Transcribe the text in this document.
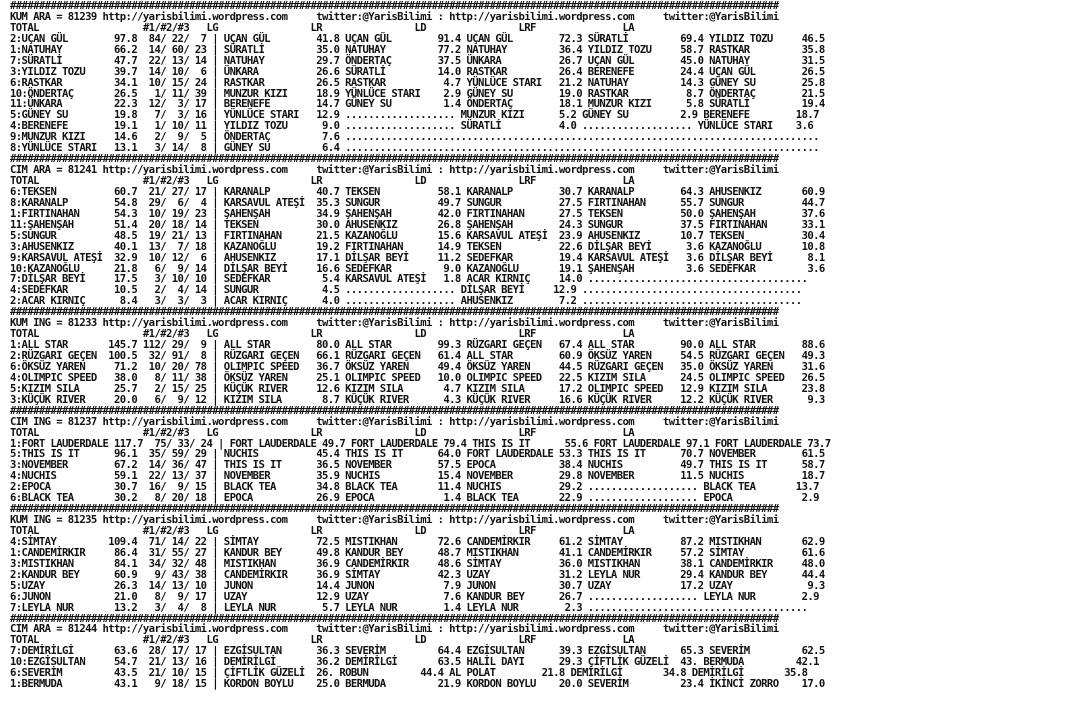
#####################################################################################################################################
KUM ARA = 81239 http://yarisbilimi.wordpress.com     twitter:@YarisBilimi : http://yarisbilimi.wordpress.com     twitter:@YarisBilimi
TOTAL                  #1/#2/#3   LG                LR                LD                LRF               LA
2:UÇAN GÜL        97.8  84/ 22/  7 | UÇAN GÜL        41.8 UÇAN GÜL        91.4 UÇAN GÜL        72.3 SÜRATLİ         69.4 YILDIZ TOZU     46.5
1:NATUHAY         66.2  14/ 60/ 23 | SÜRATLİ         35.0 NATUHAY         77.2 NATUHAY         36.4 YILDIZ TOZU     58.7 RASTKAR         35.8
7:SÜRATLİ         47.7  22/ 13/ 14 | NATUHAY         29.7 ÖNDERTAÇ        37.5 ÜNKARA          26.7 UÇAN GÜL        45.0 NATUHAY         31.5
3:YILDIZ TOZU     39.7  14/ 10/  6 | ÜNKARA          26.6 SÜRATLİ         14.0 RASTKAR         26.4 BERENEFE        24.4 UÇAN GÜL        26.5
6:RASTKAR         34.1  10/ 15/ 24 | RASTKAR         26.5 RASTKAR          4.7 YÜNLÜCE STARI   21.2 NATUHAY         14.3 GÜNEY SU        25.8
10:ÖNDERTAÇ       26.5   1/ 11/ 39 | MUNZUR KIZI     18.9 YÜNLÜCE STARI    2.9 GÜNEY SU        19.0 RASTKAR          8.7 ÖNDERTAÇ        21.5
11:ÜNKARA         22.3  12/  3/ 17 | BERENEFE        14.7 GÜNEY SU         1.4 ÖNDERTAÇ        18.1 MUNZUR KIZI      5.8 SÜRATLİ         19.4
5:GÜNEY SU        19.8   7/  3/ 16 | YÜNLÜCE STARI   12.9 ................... MUNZUR KIZI      5.2 GÜNEY SU         2.9 BERENEFE        18.7
4:BERENEFE        19.1   1/ 10/ 11 | YILDIZ TOZU      9.0 ................... SÜRATLİ          4.0 ................... YÜNLÜCE STARI    3.6
9:MUNZUR KIZI     14.6   2/  9/  5 | ÖNDERTAÇ         7.6 ..................................................................................
8:YÜNLÜCE STARI   13.1   3/ 14/  8 | GÜNEY SU         6.4 ..................................................................................
#####################################################################################################################################
CIM ARA = 81241 http://yarisbilimi.wordpress.com     twitter:@YarisBilimi : http://yarisbilimi.wordpress.com     twitter:@YarisBilimi
TOTAL                  #1/#2/#3   LG                LR                LD                LRF               LA
6:TEKSEN          60.7  21/ 27/ 17 | KARANALP        40.7 TEKSEN          58.1 KARANALP        30.7 KARANALP        64.3 AHUSENKIZ       60.9
8:KARANALP        54.8  29/  6/  4 | KARSAVUL ATEŞİ  35.3 SUNGUR          49.7 SUNGUR          27.5 FIRTINAHAN      55.7 SUNGUR          44.7
1:FIRTINAHAN      54.3  10/ 19/ 23 | ŞAHENŞAH        34.9 ŞAHENŞAH        42.0 FIRTINAHAN      27.5 TEKSEN          50.0 ŞAHENŞAH        37.6
11:ŞAHENŞAH       51.4  20/ 18/ 14 | TEKSEN          30.0 AHUSENKIZ       26.8 ŞAHENŞAH        24.3 SUNGUR          37.5 FIRTINAHAN      33.1
5:SUNGUR          48.5  19/ 21/ 13 | FIRTINAHAN      21.5 KAZANOĞLU       15.6 KARSAVUL ATEŞİ  23.9 AHUSENKIZ       10.7 TEKSEN          30.4
3:AHUSENKIZ       40.1  13/  7/ 18 | KAZANOĞLU       19.2 FIRTINAHAN      14.9 TEKSEN          22.6 DİLŞAR BEYİ      3.6 KAZANOĞLU       10.8
9:KARSAVUL ATEŞİ  32.9  10/ 12/  6 | AHUSENKIZ       17.1 DİLŞAR BEYİ     11.2 SEDEFKAR        19.4 KARSAVUL ATEŞİ   3.6 DİLŞAR BEYİ      8.1
10:KAZANOĞLU      21.8   6/  9/ 14 | DİLŞAR BEYİ     16.6 SEDEFKAR         9.0 KAZANOĞLU       19.1 ŞAHENŞAH         3.6 SEDEFKAR         3.6
7:DİLŞAR BEYİ     17.5   3/ 10/ 10 | SEDEFKAR         5.4 KARSAVUL ATEŞİ   1.8 ACAR KIRNIÇ     14.0 ......................................
4:SEDEFKAR        10.5   2/  4/ 14 | SUNGUR           4.5 ................... DİLŞAR BEYİ     12.9 ......................................
2:ACAR KIRNIÇ      8.4   3/  3/  3 | ACAR KIRNIÇ      4.0 ................... AHUSENKIZ        7.2 ......................................
#####################################################################################################################################
KUM ING = 81233 http://yarisbilimi.wordpress.com     twitter:@YarisBilimi : http://yarisbilimi.wordpress.com     twitter:@YarisBilimi
TOTAL                  #1/#2/#3   LG                LR                LD                LRF               LA
1:ALL STAR       145.7 112/ 29/  9 | ALL STAR        80.0 ALL STAR        99.3 RÜZGARI GEÇEN   67.4 ALL STAR        90.0 ALL STAR        88.6
2:RÜZGARI GEÇEN  100.5  32/ 91/  8 | RÜZGARI GEÇEN   66.1 RÜZGARI GEÇEN   61.4 ALL STAR        60.9 ÖKSÜZ YAREN     54.5 RÜZGARI GEÇEN   49.3
6:ÖKSÜZ YAREN     71.2  10/ 20/ 78 | OLIMPIC SPEED   36.7 ÖKSÜZ YAREN     49.4 ÖKSÜZ YAREN     44.5 RÜZGARI GEÇEN   35.0 ÖKSÜZ YAREN     31.6
4:OLIMPIC SPEED   38.0   8/ 11/ 38 | ÖKSÜZ YAREN     25.1 OLIMPIC SPEED   10.0 OLIMPIC SPEED   22.5 KIZIM SILA      24.5 OLIMPIC SPEED   26.5
5:KIZIM SILA      25.7   2/ 15/ 25 | KÜÇÜK RIVER     12.6 KIZIM SILA       4.7 KIZIM SILA      17.2 OLIMPIC SPEED   12.9 KIZIM SILA      23.8
3:KÜÇÜK RIVER     20.0   6/  9/ 12 | KIZIM SILA       8.7 KÜÇÜK RIVER      4.3 KÜÇÜK RIVER     16.6 KÜÇÜK RIVER     12.2 KÜÇÜK RIVER      9.3
#####################################################################################################################################
CIM ING = 81237 http://yarisbilimi.wordpress.com     twitter:@YarisBilimi : http://yarisbilimi.wordpress.com     twitter:@YarisBilimi
TOTAL                  #1/#2/#3   LG                LR                LD                LRF               LA
1:FORT LAUDERDALE 117.7  75/ 33/ 24 | FORT LAUDERDALE 49.7 FORT LAUDERDALE 79.4 THIS IS IT      55.6 FORT LAUDERDALE 97.1 FORT LAUDERDALE 73.7
5:THIS IS IT      96.1  35/ 59/ 29 | NUCHIS          45.4 THIS IS IT      64.0 FORT LAUDERDALE 53.3 THIS IS IT      70.7 NOVEMBER        61.5
3:NOVEMBER        67.2  14/ 36/ 47 | THIS IS IT      36.5 NOVEMBER        57.5 EPOCA           38.4 NUCHIS          49.7 THIS IS IT      58.7
4:NUCHIS          59.1  22/ 13/ 37 | NOVEMBER        35.9 NUCHIS          15.4 NOVEMBER        29.8 NOVEMBER        11.5 NUCHIS          18.7
2:EPOCA           30.7  16/  9/ 15 | BLACK TEA       34.8 BLACK TEA       11.4 NUCHIS          29.2 ................... BLACK TEA       13.7
6:BLACK TEA       30.2   8/ 20/ 18 | EPOCA           26.9 EPOCA            1.4 BLACK TEA       22.9 ................... EPOCA            2.9
#####################################################################################################################################
KUM ING = 81235 http://yarisbilimi.wordpress.com     twitter:@YarisBilimi : http://yarisbilimi.wordpress.com     twitter:@YarisBilimi
TOTAL                  #1/#2/#3   LG                LR                LD                LRF               LA
4:SİMTAY         109.4  71/ 14/ 22 | SİMTAY          72.5 MISTIKHAN       72.6 CANDEMİRKIR     61.2 SİMTAY          87.2 MISTIKHAN       62.9
1:CANDEMİRKIR     86.4  31/ 55/ 27 | KANDUR BEY      49.8 KANDUR BEY      48.7 MISTIKHAN       41.1 CANDEMİRKIR     57.2 SİMTAY          61.6
3:MISTIKHAN       84.1  34/ 32/ 48 | MISTIKHAN       36.9 CANDEMİRKIR     48.6 SİMTAY          36.0 MISTIKHAN       38.1 CANDEMİRKIR     48.0
2:KANDUR BEY      60.9   9/ 43/ 38 | CANDEMİRKIR     36.9 SİMTAY          42.3 UZAY            31.2 LEYLA NUR       29.4 KANDUR BEY      44.4
5:UZAY            26.3  14/ 13/ 10 | JUNON           14.4 JUNON            7.9 JUNON           30.7 UZAY            17.2 UZAY             9.3
6:JUNON           21.0   8/  9/ 17 | UZAY            12.9 UZAY             7.6 KANDUR BEY      26.7 ................... LEYLA NUR        2.9
7:LEYLA NUR       13.2   3/  4/  8 | LEYLA NUR        5.7 LEYLA NUR        1.4 LEYLA NUR        2.3 ......................................
#####################################################################################################################################
CIM ARA = 81244 http://yarisbilimi.wordpress.com     twitter:@YarisBilimi : http://yarisbilimi.wordpress.com     twitter:@YarisBilimi
TOTAL                  #1/#2/#3   LG                LR                LD                LRF               LA
7:DEMİRİLGİ       63.6  28/ 17/ 17 | EZGİSULTAN      36.3 SEVERİM         64.4 EZGİSULTAN      39.3 EZGİSULTAN      65.3 SEVERİM         62.5
10:EZGİSULTAN     54.7  21/ 13/ 16 | DEMİRİLGİ       36.2 DEMİRİLGİ       63.5 HALİL DAYI      29.3 ÇİFTLİK GÜZELİ  43. BERMUDA         42.1
6:SEVERİM         43.5  21/ 10/ 15 | ÇİFTLİK GÜZELİ  26. ROBUN         44.4 AL POLAT        21.8 DEMİRİLGİ       34.8 DEMİRİLGİ       35.8
1:BERMUDA         43.1   9/ 18/ 15 | KORDON BOYLU    25.0 BERMUDA         21.9 KORDON BOYLU    20.0 SEVERİM         23.4 İKİNCİ ZORRO    17.0
